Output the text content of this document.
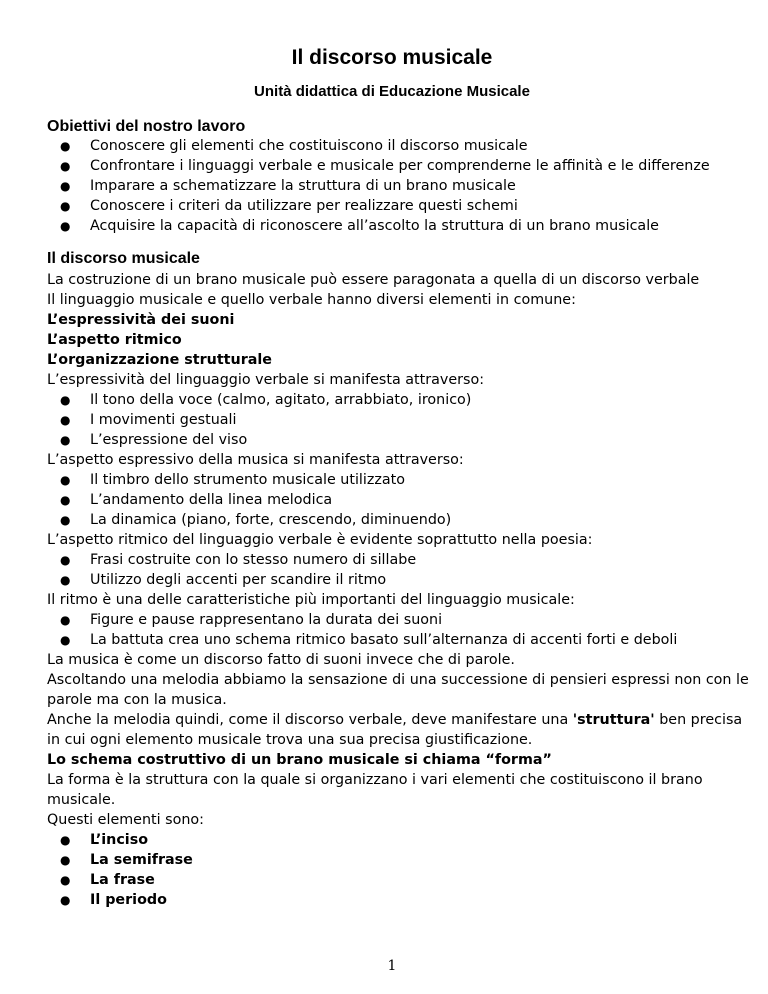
Il discorso musicale
Unità didattica di Educazione Musicale
Obiettivi del nostro lavoro
● Conoscere gli elementi che costituiscono il discorso musicale
● Confrontare i linguaggi verbale e musicale per comprenderne le affinità e le differenze
● Imparare a schematizzare la struttura di un brano musicale
● Conoscere i criteri da utilizzare per realizzare questi schemi
● Acquisire la capacità di riconoscere all’ascolto la struttura di un brano musicale
Il discorso musicale
La costruzione di un brano musicale può essere paragonata a quella di un discorso verbale
Il linguaggio musicale e quello verbale hanno diversi elementi in comune:
L’espressività dei suoni
L’aspetto ritmico
L’organizzazione strutturale
L’espressività del linguaggio verbale si manifesta attraverso:
● Il tono della voce (calmo, agitato, arrabbiato, ironico)
● I movimenti gestuali
● L’espressione del viso
L’aspetto espressivo della musica si manifesta attraverso:
● Il timbro dello strumento musicale utilizzato
● L’andamento della linea melodica
● La dinamica (piano, forte, crescendo, diminuendo)
L’aspetto ritmico del linguaggio verbale è evidente soprattutto nella poesia:
● Frasi costruite con lo stesso numero di sillabe
● Utilizzo degli accenti per scandire il ritmo
Il ritmo è una delle caratteristiche più importanti del linguaggio musicale:
● Figure e pause rappresentano la durata dei suoni
● La battuta crea uno schema ritmico basato sull’alternanza di accenti forti e deboli
La musica è come un discorso fatto di suoni invece che di parole.
Ascoltando una melodia abbiamo la sensazione di una successione di pensieri espressi non con le
parole ma con la musica.
Anche la melodia quindi, come il discorso verbale, deve manifestare una 'struttura' ben precisa
in cui ogni elemento musicale trova una sua precisa giustificazione.
Lo schema costruttivo di un brano musicale si chiama “forma”
La forma è la struttura con la quale si organizzano i vari elementi che costituiscono il brano
musicale.
Questi elementi sono:
● L’inciso
● La semifrase
● La frase
● Il periodo
1
